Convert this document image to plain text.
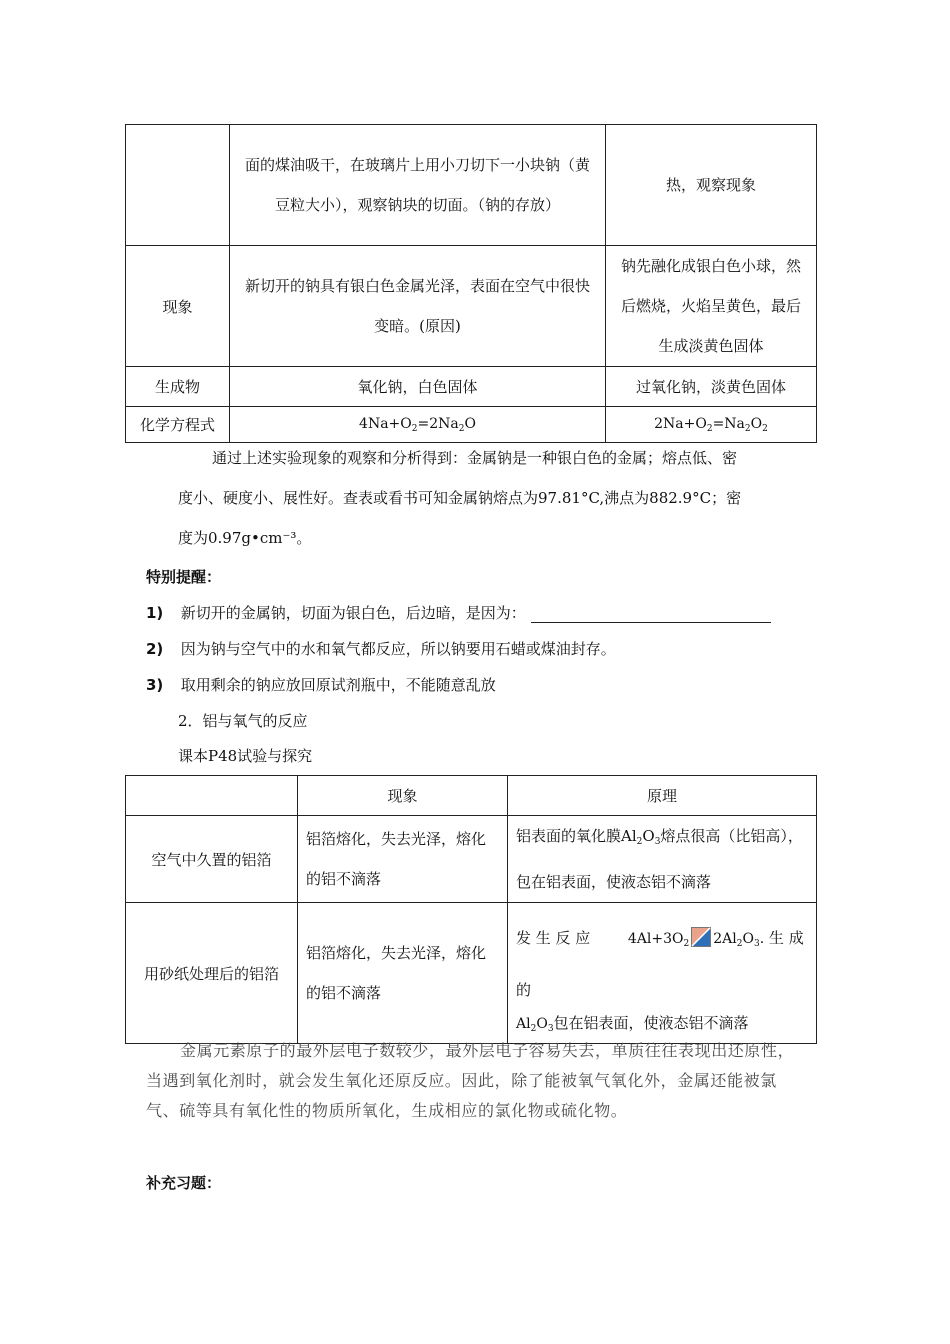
	面的煤油吸干，在玻璃片上用小刀切下一小块钠（黄豆粒大小），观察钠块的切面。（钠的存放）	热，观察现象
现象	新切开的钠具有银白色金属光泽，表面在空气中很快变暗。(原因)	钠先融化成银白色小球，然后燃烧，火焰呈黄色，最后生成淡黄色固体
生成物	氧化钠，白色固体	过氧化钠，淡黄色固体
化学方程式	$4Na+O_2=2Na_2O$	$2Na+O_2=Na_2O_2$
通过上述实验现象的观察和分析得到：金属钠是一种银白色的金属；熔点低、密
度小、硬度小、展性好。查表或看书可知金属钠熔点为97.81°C,沸点为882.9°C；密
度为0.97g•cm⁻³。
特别提醒：
1) 新切开的金属钠，切面为银白色，后边暗，是因为：
2) 因为钠与空气中的水和氧气都反应，所以钠要用石蜡或煤油封存。
3) 取用剩余的钠应放回原试剂瓶中，不能随意乱放
2．铝与氧气的反应
课本P48试验与探究
	现象	原理
空气中久置的铝箔	铝箔熔化，失去光泽，熔化的铝不滴落	铝表面的氧化膜$Al_2O_3$熔点很高（比铝高），包在铝表面，使液态铝不滴落
用砂纸处理后的铝箔	铝箔熔化，失去光泽，熔化的铝不滴落	发 生 反 应 $4Al+3O_2$ $2Al_2O_3$. 生 成 的
$Al_2O_3$包在铝表面，使液态铝不滴落
金属元素原子的最外层电子数较少，最外层电子容易失去，单质往往表现出还原性，
当遇到氧化剂时，就会发生氧化还原反应。因此，除了能被氧气氧化外，金属还能被氯
气、硫等具有氧化性的物质所氧化，生成相应的氯化物或硫化物。
补充习题：
